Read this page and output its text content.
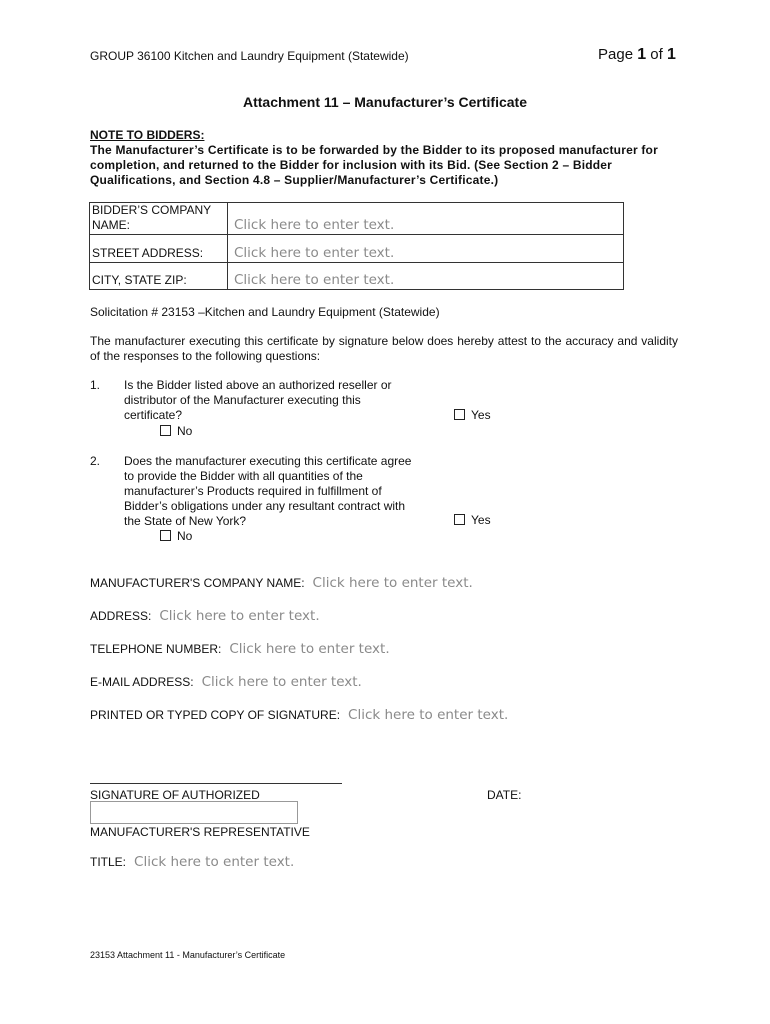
GROUP 36100 Kitchen and Laundry Equipment (Statewide)	Page 1 of 1
Attachment 11 – Manufacturer’s Certificate
NOTE TO BIDDERS:
The Manufacturer’s Certificate is to be forwarded by the Bidder to its proposed manufacturer for completion, and returned to the Bidder for inclusion with its Bid. (See Section 2 – Bidder Qualifications, and Section 4.8 – Supplier/Manufacturer’s Certificate.)
BIDDER’S COMPANY NAME:	Click here to enter text.
STREET ADDRESS:	Click here to enter text.
CITY, STATE ZIP:	Click here to enter text.
Solicitation # 23153 –Kitchen and Laundry Equipment (Statewide)
The manufacturer executing this certificate by signature below does hereby attest to the accuracy and validity of the responses to the following questions:
1. Is the Bidder listed above an authorized reseller or distributor of the Manufacturer executing this certificate?	Yes
No
2. Does the manufacturer executing this certificate agree to provide the Bidder with all quantities of the manufacturer’s Products required in fulfillment of Bidder’s obligations under any resultant contract with the State of New York?	Yes
No
MANUFACTURER'S COMPANY NAME: Click here to enter text.
ADDRESS: Click here to enter text.
TELEPHONE NUMBER: Click here to enter text.
E-MAIL ADDRESS: Click here to enter text.
PRINTED OR TYPED COPY OF SIGNATURE: Click here to enter text.
SIGNATURE OF AUTHORIZED	DATE:
MANUFACTURER'S REPRESENTATIVE
TITLE: Click here to enter text.
23153 Attachment 11 - Manufacturer’s Certificate
